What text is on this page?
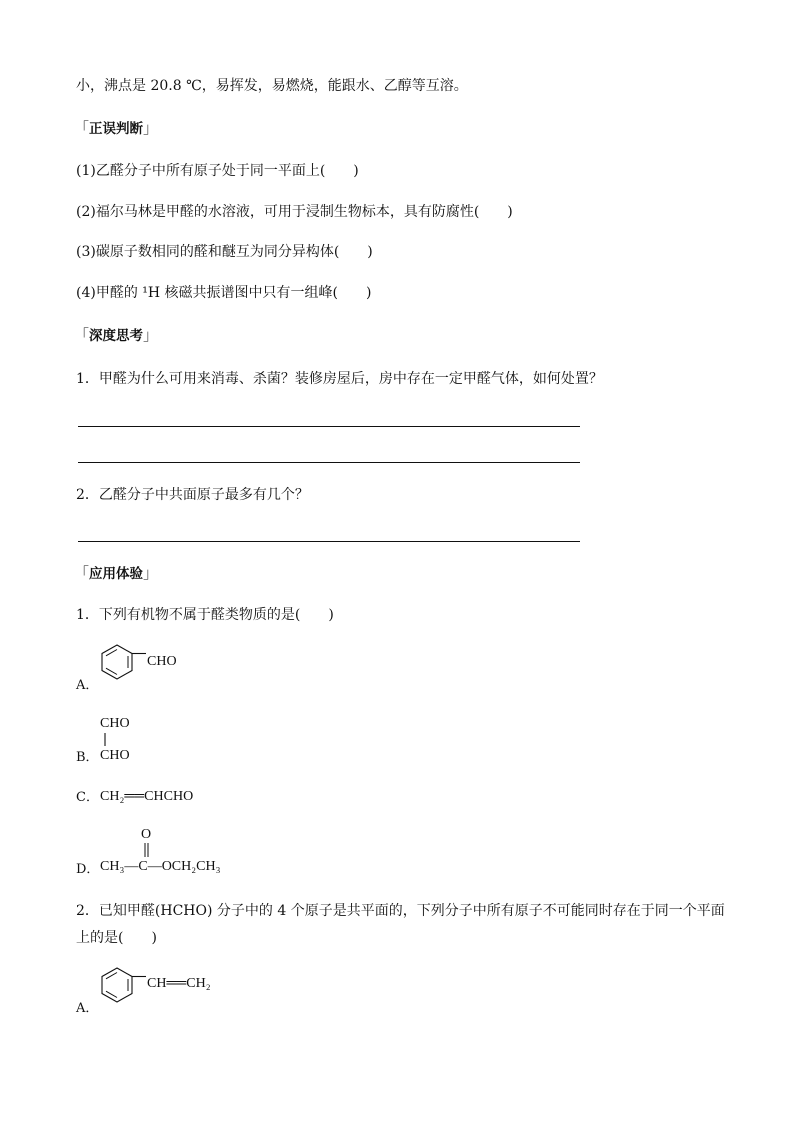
小，沸点是 20.8 ℃，易挥发，易燃烧，能跟水、乙醇等互溶。
「正误判断」
(1)乙醛分子中所有原子处于同一平面上(　　)
(2)福尔马林是甲醛的水溶液，可用于浸制生物标本，具有防腐性(　　)
(3)碳原子数相同的醛和醚互为同分异构体(　　)
(4)甲醛的 ¹H 核磁共振谱图中只有一组峰(　　)
「深度思考」
1．甲醛为什么可用来消毒、杀菌？装修房屋后，房中存在一定甲醛气体，如何处置？
2．乙醛分子中共面原子最多有几个？
「应用体验」
1．下列有机物不属于醛类物质的是(　　)
A．
CHO
B．
CHO
CHO
C． CH₂══CHCHO
D．
O
CH₃—C—OCH₂CH₃
2．已知甲醛(HCHO) 分子中的 4 个原子是共平面的，下列分子中所有原子不可能同时存在于同一个平面
上的是(　　)
A．
CH══CH₂
